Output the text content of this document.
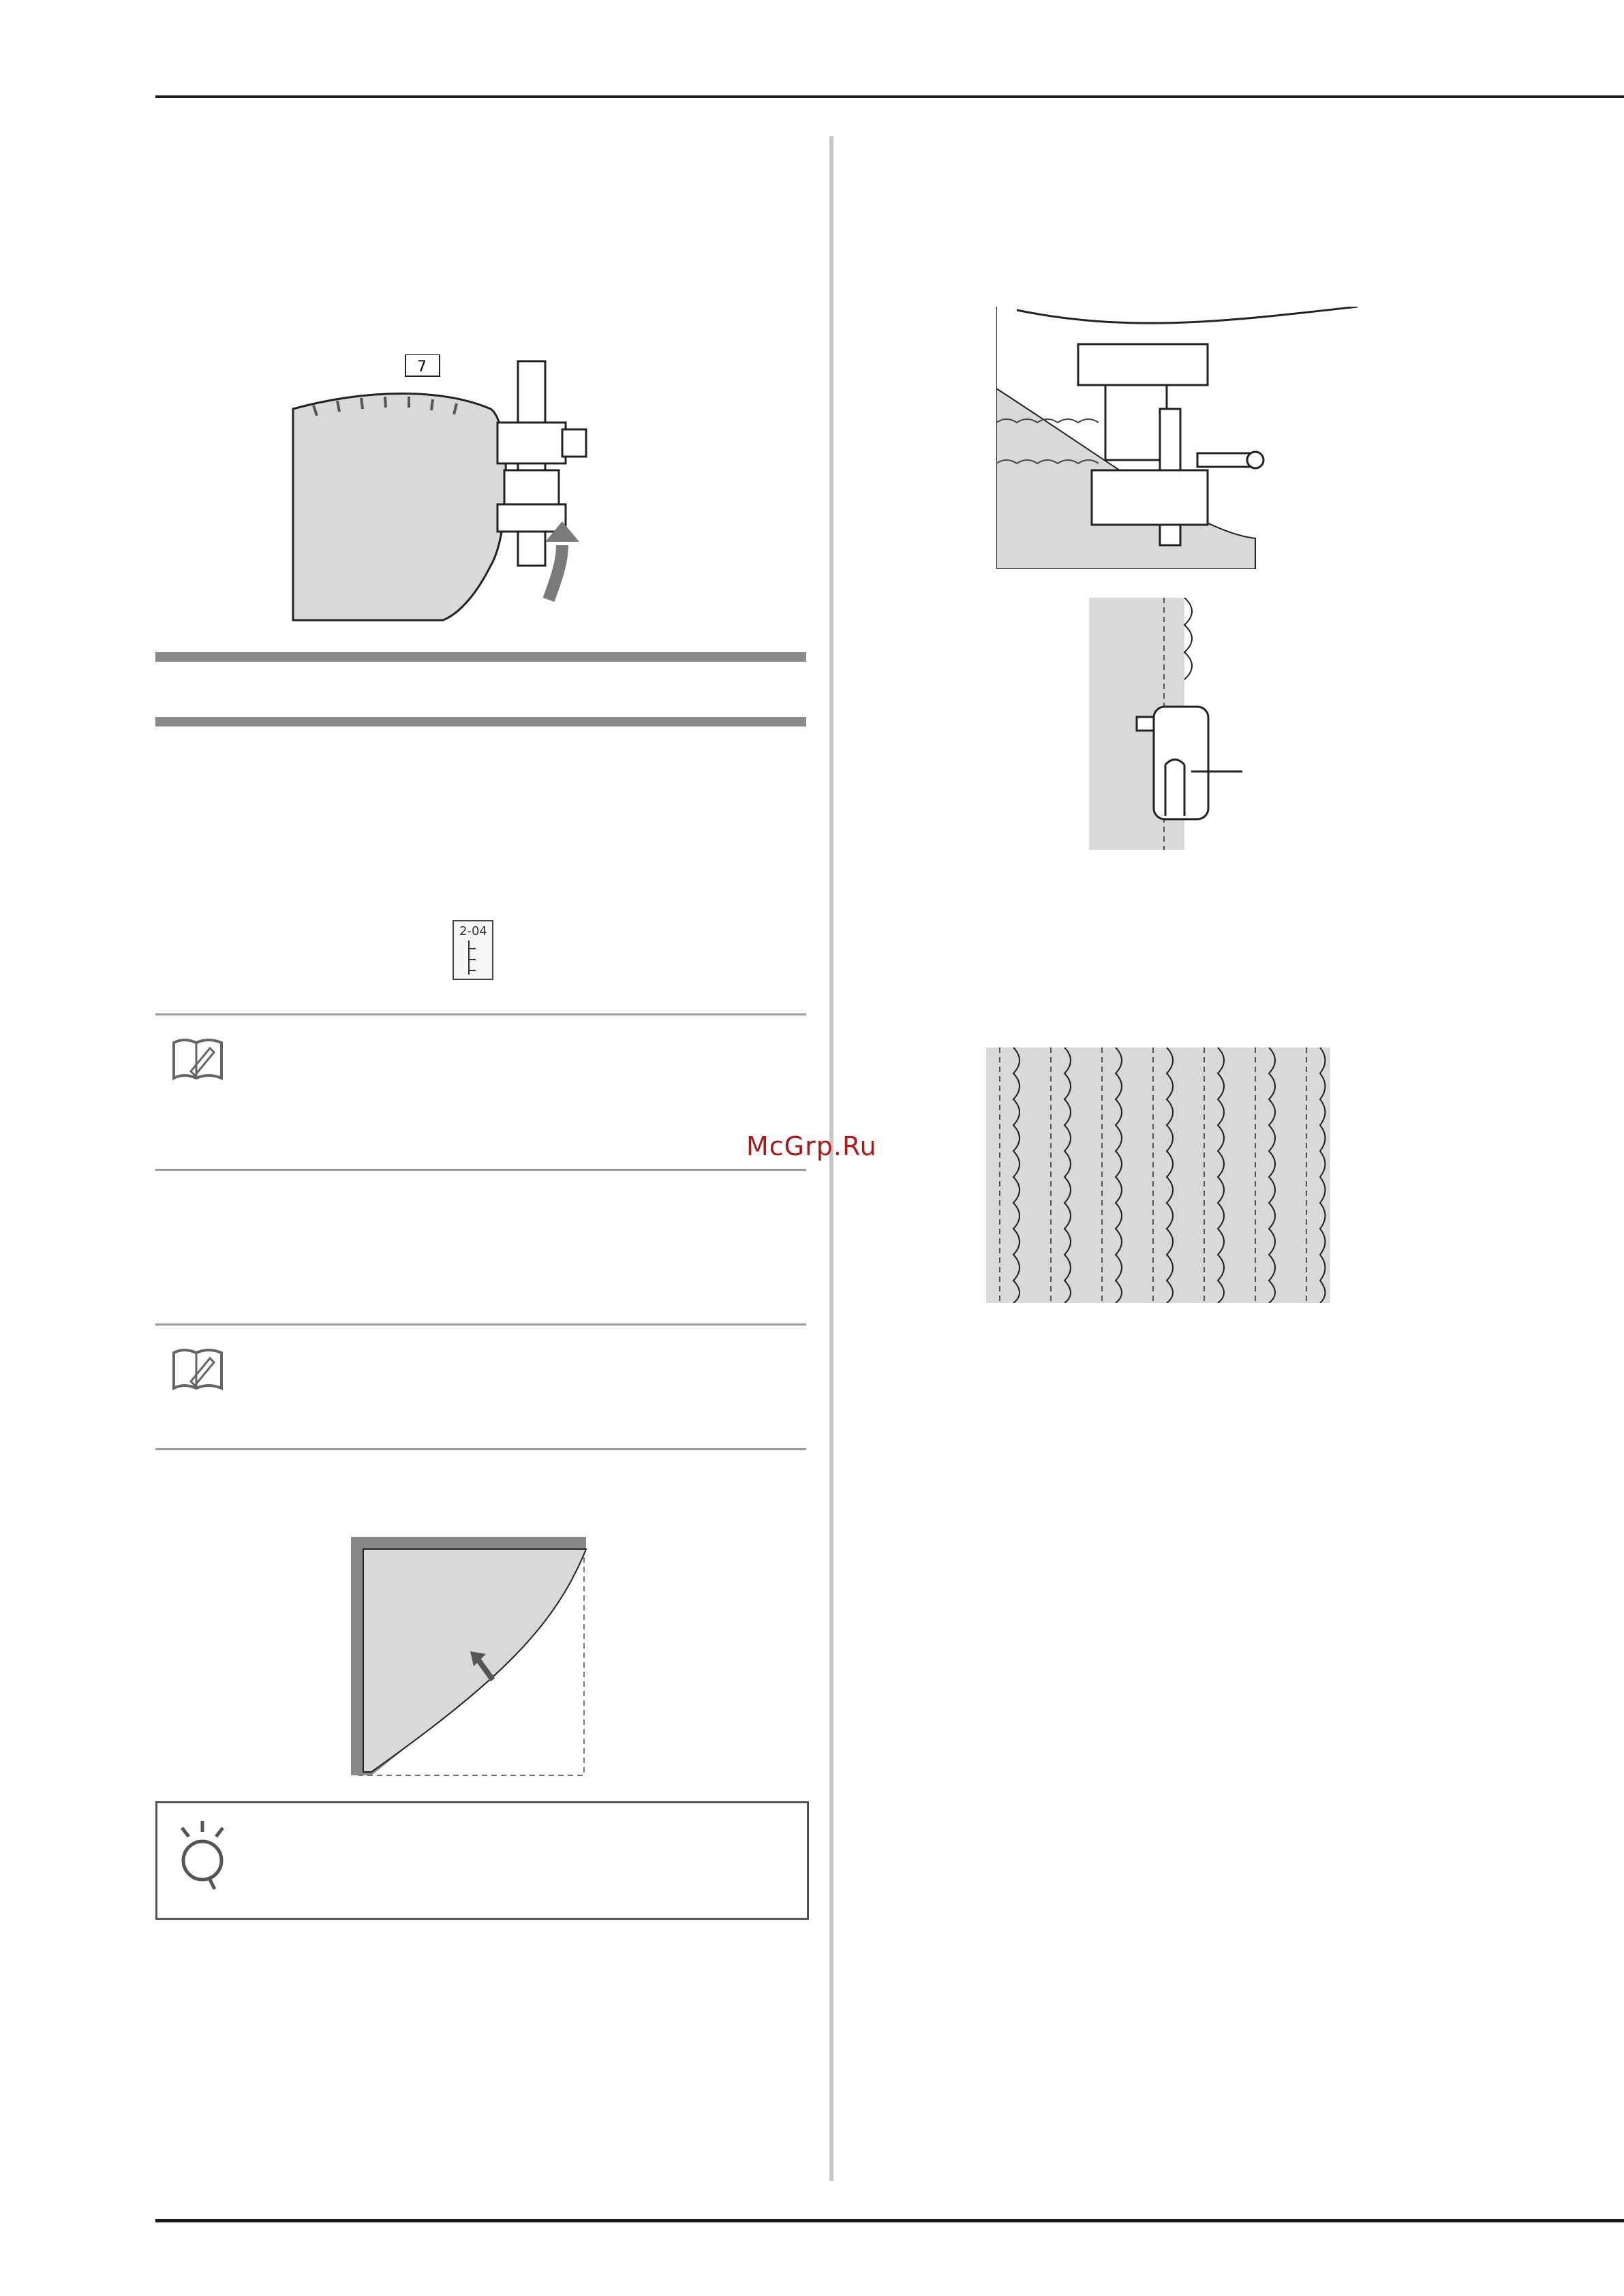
7
2-04
McGrp.Ru
